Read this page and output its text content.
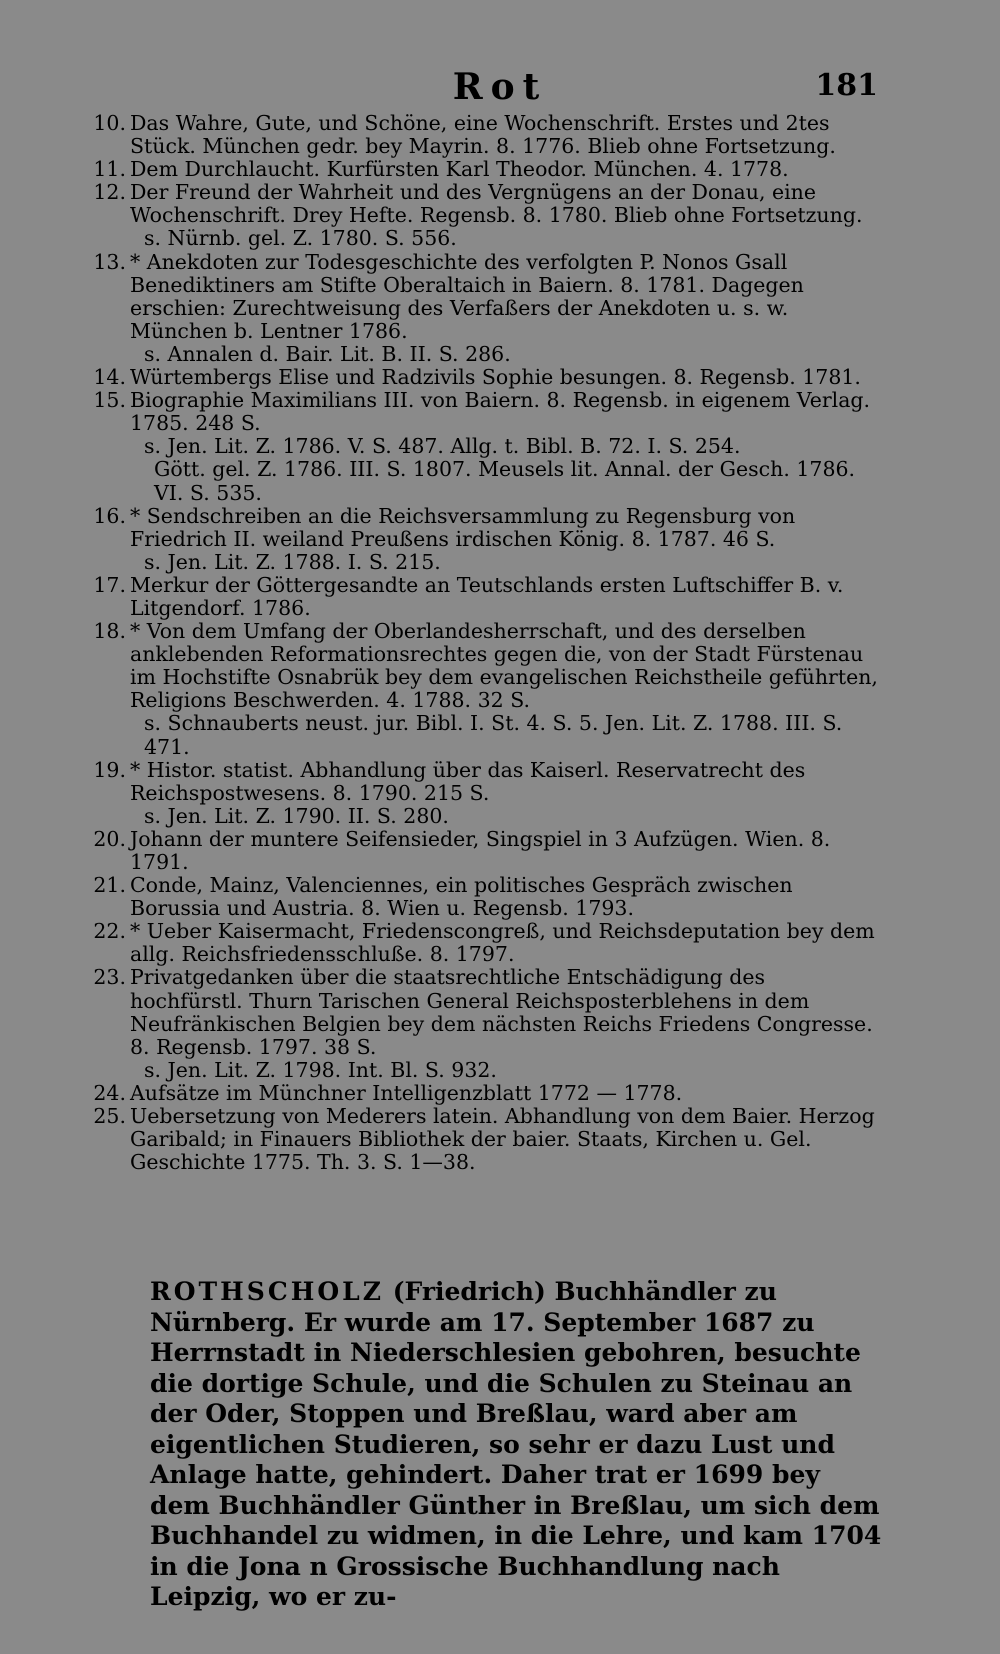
Rot	181
10. Das Wahre, Gute, und Schöne, eine Wochenschrift. Erstes und 2tes Stück. München gedr. bey Mayrin. 8. 1776. Blieb ohne Fortsetzung.
11. Dem Durchlaucht. Kurfürsten Karl Theodor. München. 4. 1778.
12. Der Freund der Wahrheit und des Vergnügens an der Donau, eine Wochenschrift. Drey Hefte. Regensb. 8. 1780. Blieb ohne Fortsetzung.
s. Nürnb. gel. Z. 1780. S. 556.
13. * Anekdoten zur Todesgeschichte des verfolgten P. Nonos Gsall Benediktiners am Stifte Oberaltaich in Baiern. 8. 1781. Dagegen erschien: Zurechtweisung des Verfaßers der Anekdoten u. s. w. München b. Lentner 1786.
s. Annalen d. Bair. Lit. B. II. S. 286.
14. Würtembergs Elise und Radzivils Sophie besungen. 8. Regensb. 1781.
15. Biographie Maximilians III. von Baiern. 8. Regensb. in eigenem Verlag. 1785. 248 S.
s. Jen. Lit. Z. 1786. V. S. 487. Allg. t. Bibl. B. 72. I. S. 254.
Gött. gel. Z. 1786. III. S. 1807. Meusels lit. Annal. der Gesch. 1786. VI. S. 535.
16. * Sendschreiben an die Reichsversammlung zu Regensburg von Friedrich II. weiland Preußens irdischen König. 8. 1787. 46 S.
s. Jen. Lit. Z. 1788. I. S. 215.
17. Merkur der Göttergesandte an Teutschlands ersten Luftschiffer B. v. Litgendorf. 1786.
18. * Von dem Umfang der Oberlandesherrschaft, und des derselben anklebenden Reformationsrechtes gegen die, von der Stadt Fürstenau im Hochstifte Osnabrük bey dem evangelischen Reichstheile geführten, Religions Beschwerden. 4. 1788. 32 S.
s. Schnauberts neust. jur. Bibl. I. St. 4. S. 5. Jen. Lit. Z. 1788. III. S. 471.
19. * Histor. statist. Abhandlung über das Kaiserl. Reservatrecht des Reichspostwesens. 8. 1790. 215 S.
s. Jen. Lit. Z. 1790. II. S. 280.
20. Johann der muntere Seifensieder, Singspiel in 3 Aufzügen. Wien. 8. 1791.
21. Conde, Mainz, Valenciennes, ein politisches Gespräch zwischen Borussia und Austria. 8. Wien u. Regensb. 1793.
22. * Ueber Kaisermacht, Friedenscongreß, und Reichsdeputation bey dem allg. Reichsfriedensschluße. 8. 1797.
23. Privatgedanken über die staatsrechtliche Entschädigung des hochfürstl. Thurn Tarischen General Reichsposterblehens in dem Neufränkischen Belgien bey dem nächsten Reichs Friedens Congresse. 8. Regensb. 1797. 38 S.
s. Jen. Lit. Z. 1798. Int. Bl. S. 932.
24. Aufsätze im Münchner Intelligenzblatt 1772 — 1778.
25. Uebersetzung von Mederers latein. Abhandlung von dem Baier. Herzog Garibald; in Finauers Bibliothek der baier. Staats, Kirchen u. Gel. Geschichte 1775. Th. 3. S. 1—38.

ROTHSCHOLZ (Friedrich) Buchhändler zu Nürnberg. Er wurde am 17. September 1687 zu Herrnstadt in Niederschlesien gebohren, besuchte die dortige Schule, und die Schulen zu Steinau an der Oder, Stoppen und Breßlau, ward aber am eigentlichen Studieren, so sehr er dazu Lust und Anlage hatte, gehindert. Daher trat er 1699 bey dem Buchhändler Günther in Breßlau, um sich dem Buchhandel zu widmen, in die Lehre, und kam 1704 in die Jona n Grossische Buchhandlung nach Leipzig, wo er zu-
